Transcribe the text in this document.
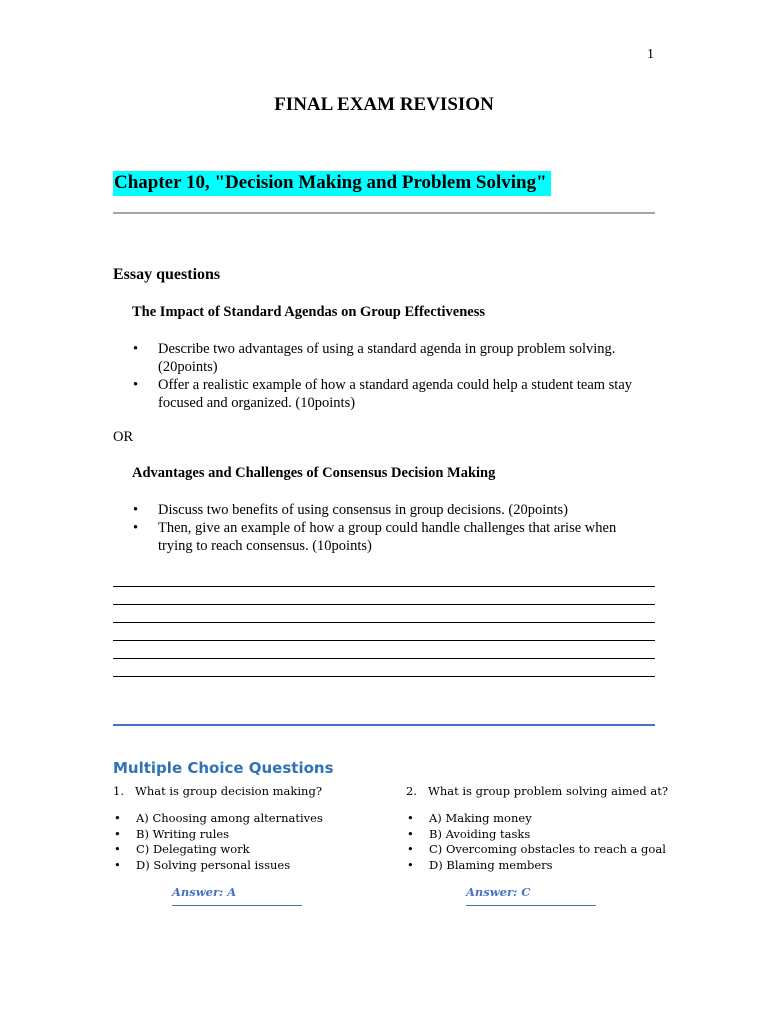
1
FINAL EXAM REVISION
Chapter 10, "Decision Making and Problem Solving"
Essay questions
The Impact of Standard Agendas on Group Effectiveness
• Describe two advantages of using a standard agenda in group problem solving. (20points)
• Offer a realistic example of how a standard agenda could help a student team stay focused and organized. (10points)
OR
Advantages and Challenges of Consensus Decision Making
• Discuss two benefits of using consensus in group decisions. (20points)
• Then, give an example of how a group could handle challenges that arise when trying to reach consensus. (10points)
Multiple Choice Questions
1. What is group decision making?
• A) Choosing among alternatives
• B) Writing rules
• C) Delegating work
• D) Solving personal issues
Answer: A
2. What is group problem solving aimed at?
• A) Making money
• B) Avoiding tasks
• C) Overcoming obstacles to reach a goal
• D) Blaming members
Answer: C
